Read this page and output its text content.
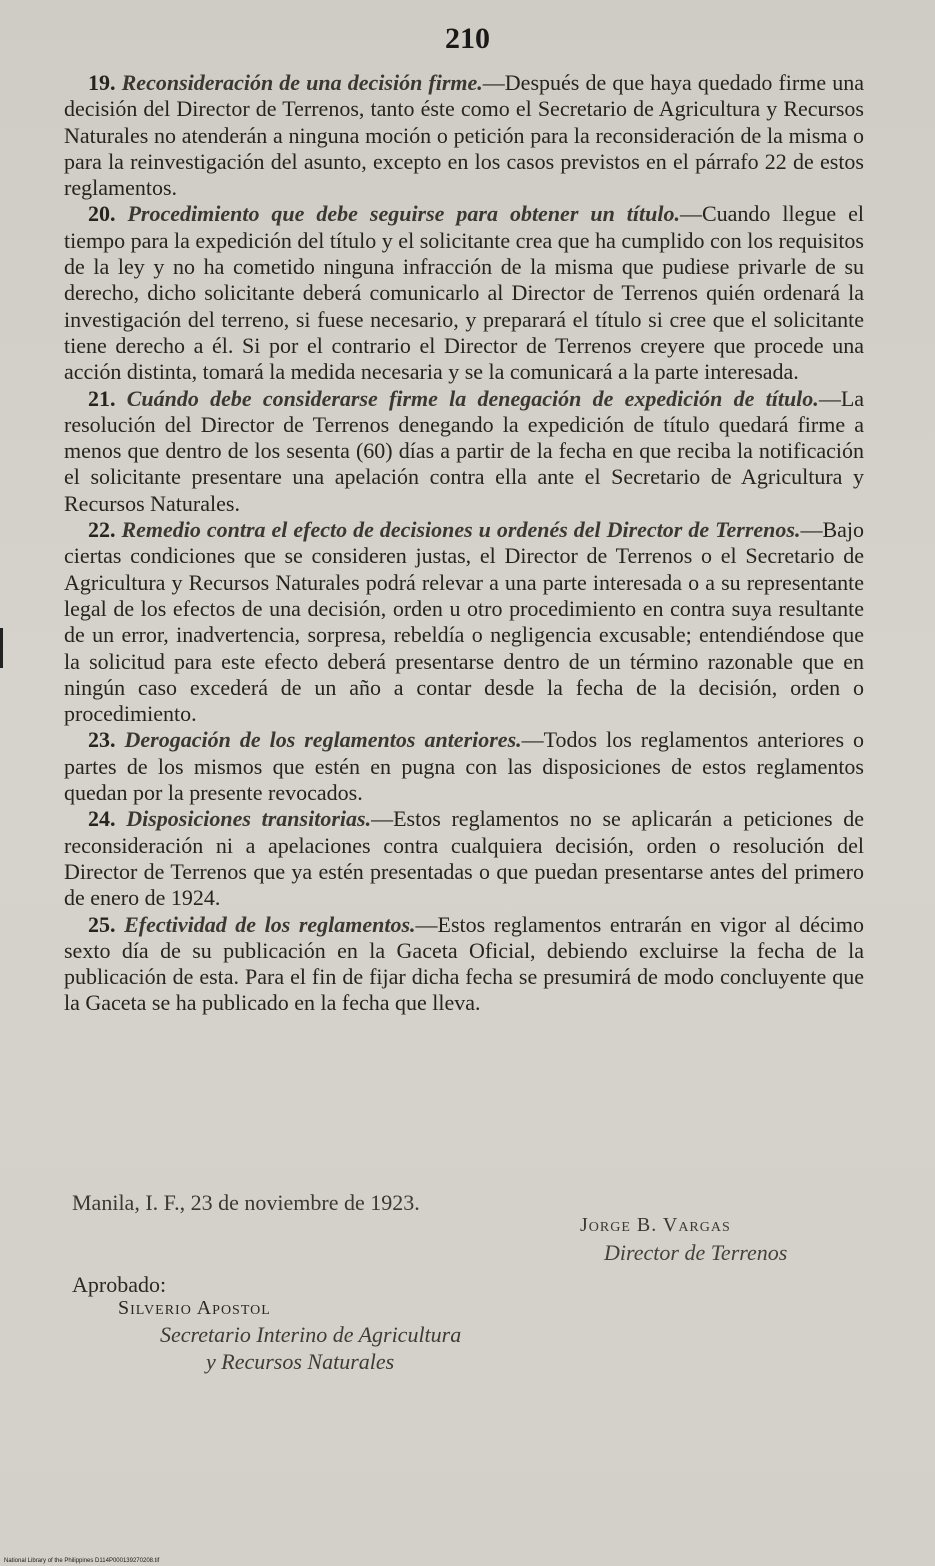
210

19. Reconsideración de una decisión firme.—Después de que haya quedado firme una decisión del Director de Terrenos, tanto éste como el Secretario de Agricultura y Recursos Naturales no atenderán a ninguna moción o petición para la reconsideración de la misma o para la reinvestigación del asunto, excepto en los casos previstos en el párrafo 22 de estos reglamentos.

20. Procedimiento que debe seguirse para obtener un título.—Cuando llegue el tiempo para la expedición del título y el solicitante crea que ha cumplido con los requisitos de la ley y no ha cometido ninguna infracción de la misma que pudiese privarle de su derecho, dicho solicitante deberá comunicarlo al Director de Terrenos quién ordenará la investigación del terreno, si fuese necesario, y preparará el título si cree que el solicitante tiene derecho a él. Si por el contrario el Director de Terrenos creyere que procede una acción distinta, tomará la medida necesaria y se la comunicará a la parte interesada.

21. Cuándo debe considerarse firme la denegación de expedición de título.—La resolución del Director de Terrenos denegando la expedición de título quedará firme a menos que dentro de los sesenta (60) días a partir de la fecha en que reciba la notificación el solicitante presentare una apelación contra ella ante el Secretario de Agricultura y Recursos Naturales.

22. Remedio contra el efecto de decisiones u ordenés del Director de Terrenos.—Bajo ciertas condiciones que se consideren justas, el Director de Terrenos o el Secretario de Agricultura y Recursos Naturales podrá relevar a una parte interesada o a su representante legal de los efectos de una decisión, orden u otro procedimiento en contra suya resultante de un error, inadvertencia, sorpresa, rebeldía o negligencia excusable; entendiéndose que la solicitud para este efecto deberá presentarse dentro de un término razonable que en ningún caso excederá de un año a contar desde la fecha de la decisión, orden o procedimiento.

23. Derogación de los reglamentos anteriores.—Todos los reglamentos anteriores o partes de los mismos que estén en pugna con las disposiciones de estos reglamentos quedan por la presente revocados.

24. Disposiciones transitorias.—Estos reglamentos no se aplicarán a peticiones de reconsideración ni a apelaciones contra cualquiera decisión, orden o resolución del Director de Terrenos que ya estén presentadas o que puedan presentarse antes del primero de enero de 1924.

25. Efectividad de los reglamentos.—Estos reglamentos entrarán en vigor al décimo sexto día de su publicación en la Gaceta Oficial, debiendo excluirse la fecha de la publicación de esta. Para el fin de fijar dicha fecha se presumirá de modo concluyente que la Gaceta se ha publicado en la fecha que lleva.

Manila, I. F., 23 de noviembre de 1923.
Jorge B. Vargas
Director de Terrenos
Aprobado:
Silverio Apostol
Secretario Interino de Agricultura
y Recursos Naturales
National Library of the Philippines D114P000139270208.tif
